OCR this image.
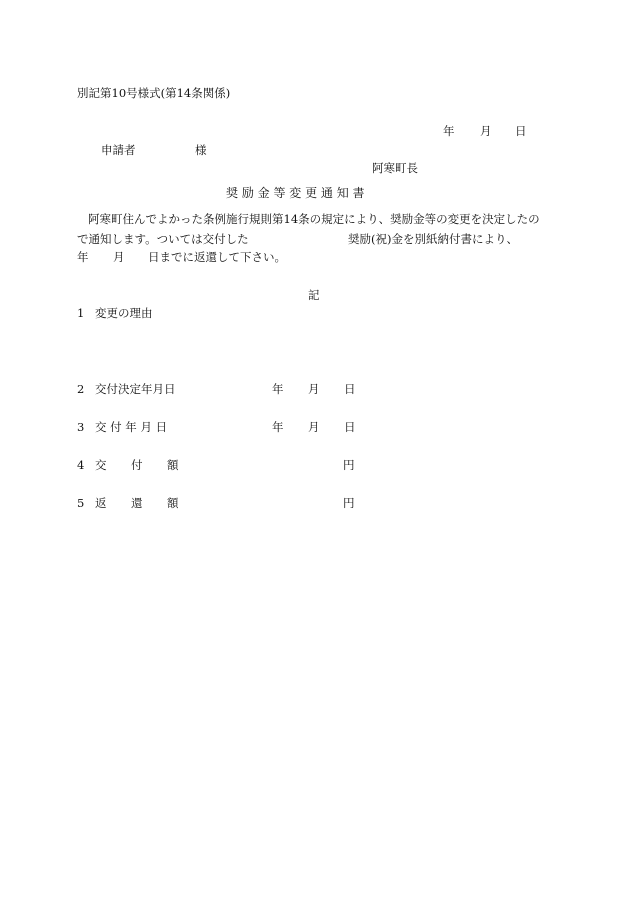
別記第10号様式(第14条関係)
年 月 日
申請者	様
阿寒町長
奨 励 金 等 変 更 通 知 書
阿寒町住んでよかった条例施行規則第14条の規定により、奨励金等の変更を決定したの
で通知します。ついては交付した	奨励(祝)金を別紙納付書により、
年 月 日までに返還して下さい。
記
1 変更の理由
2 交付決定年月日	年 月 日
3 交 付 年 月 日	年 月 日
4 交 付 額	円
5 返 還 額	円
